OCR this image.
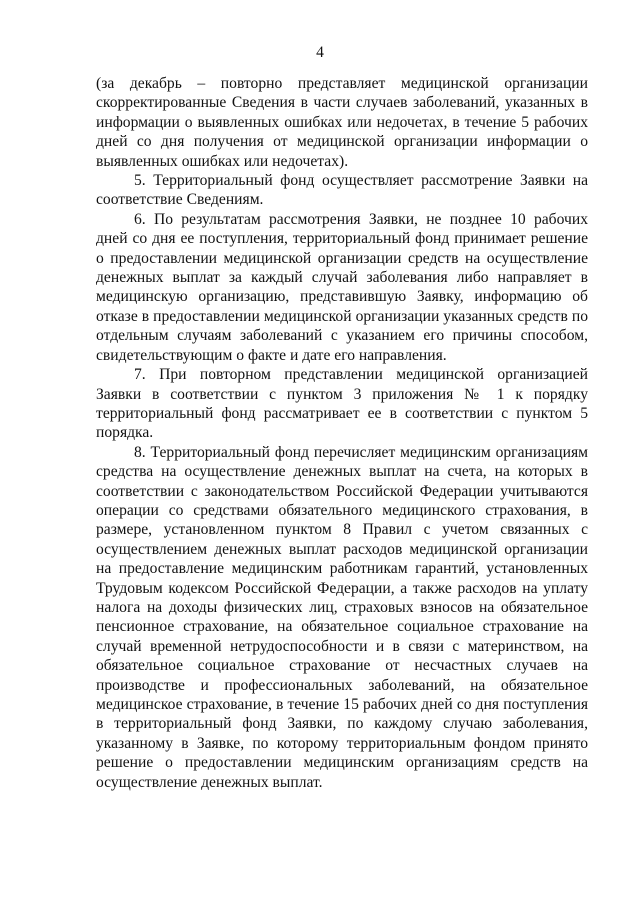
4

(за декабрь – повторно представляет медицинской организации скорректированные Сведения в части случаев заболеваний, указанных в информации о выявленных ошибках или недочетах, в течение 5 рабочих дней со дня получения от медицинской организации информации о выявленных ошибках или недочетах).

5. Территориальный фонд осуществляет рассмотрение Заявки на соответствие Сведениям.

6. По результатам рассмотрения Заявки, не позднее 10 рабочих дней со дня ее поступления, территориальный фонд принимает решение о предоставлении медицинской организации средств на осуществление денежных выплат за каждый случай заболевания либо направляет в медицинскую организацию, представившую Заявку, информацию об отказе в предоставлении медицинской организации указанных средств по отдельным случаям заболеваний с указанием его причины способом, свидетельствующим о факте и дате его направления.

7. При повторном представлении медицинской организацией Заявки в соответствии с пунктом 3 приложения № 1 к порядку территориальный фонд рассматривает ее в соответствии с пунктом 5 порядка.

8. Территориальный фонд перечисляет медицинским организациям средства на осуществление денежных выплат на счета, на которых в соответствии с законодательством Российской Федерации учитываются операции со средствами обязательного медицинского страхования, в размере, установленном пунктом 8 Правил с учетом связанных с осуществлением денежных выплат расходов медицинской организации на предоставление медицинским работникам гарантий, установленных Трудовым кодексом Российской Федерации, а также расходов на уплату налога на доходы физических лиц, страховых взносов на обязательное пенсионное страхование, на обязательное социальное страхование на случай временной нетрудоспособности и в связи с материнством, на обязательное социальное страхование от несчастных случаев на производстве и профессиональных заболеваний, на обязательное медицинское страхование, в течение 15 рабочих дней со дня поступления в территориальный фонд Заявки, по каждому случаю заболевания, указанному в Заявке, по которому территориальным фондом принято решение о предоставлении медицинским организациям средств на осуществление денежных выплат.
